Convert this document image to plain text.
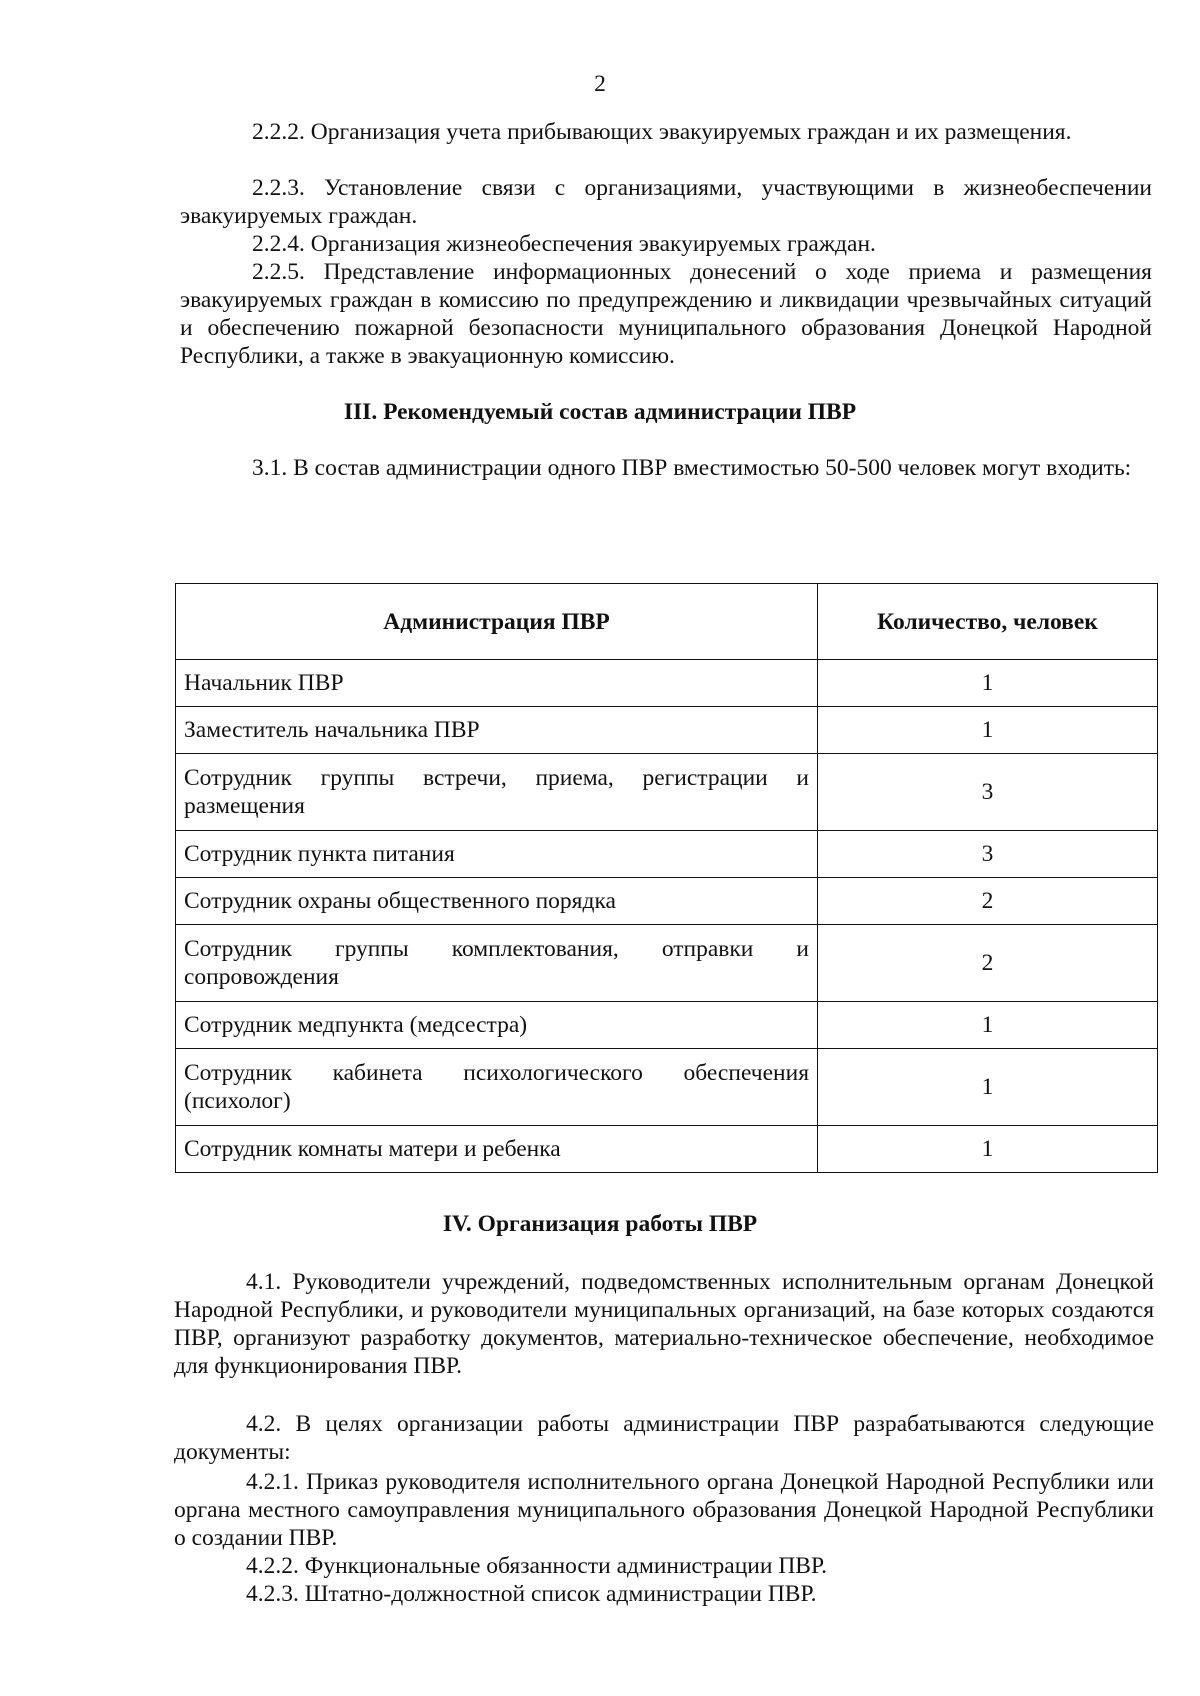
2
2.2.2. Организация учета прибывающих эвакуируемых граждан и их размещения.
2.2.3. Установление связи с организациями, участвующими в жизнеобеспечении эвакуируемых граждан.
2.2.4. Организация жизнеобеспечения эвакуируемых граждан.
2.2.5. Представление информационных донесений о ходе приема и размещения эвакуируемых граждан в комиссию по предупреждению и ликвидации чрезвычайных ситуаций и обеспечению пожарной безопасности муниципального образования Донецкой Народной Республики, а также в эвакуационную комиссию.
III. Рекомендуемый состав администрации ПВР
3.1. В состав администрации одного ПВР вместимостью 50-500 человек могут входить:
Администрация ПВР	Количество, человек
Начальник ПВР	1
Заместитель начальника ПВР	1
Сотрудник группы встречи, приема, регистрации и размещения	3
Сотрудник пункта питания	3
Сотрудник охраны общественного порядка	2
Сотрудник группы комплектования, отправки и сопровождения	2
Сотрудник медпункта (медсестра)	1
Сотрудник кабинета психологического обеспечения (психолог)	1
Сотрудник комнаты матери и ребенка	1
IV. Организация работы ПВР
4.1. Руководители учреждений, подведомственных исполнительным органам Донецкой Народной Республики, и руководители муниципальных организаций, на базе которых создаются ПВР, организуют разработку документов, материально-техническое обеспечение, необходимое для функционирования ПВР.
4.2. В целях организации работы администрации ПВР разрабатываются следующие документы:
4.2.1. Приказ руководителя исполнительного органа Донецкой Народной Республики или органа местного самоуправления муниципального образования Донецкой Народной Республики о создании ПВР.
4.2.2. Функциональные обязанности администрации ПВР.
4.2.3. Штатно-должностной список администрации ПВР.
